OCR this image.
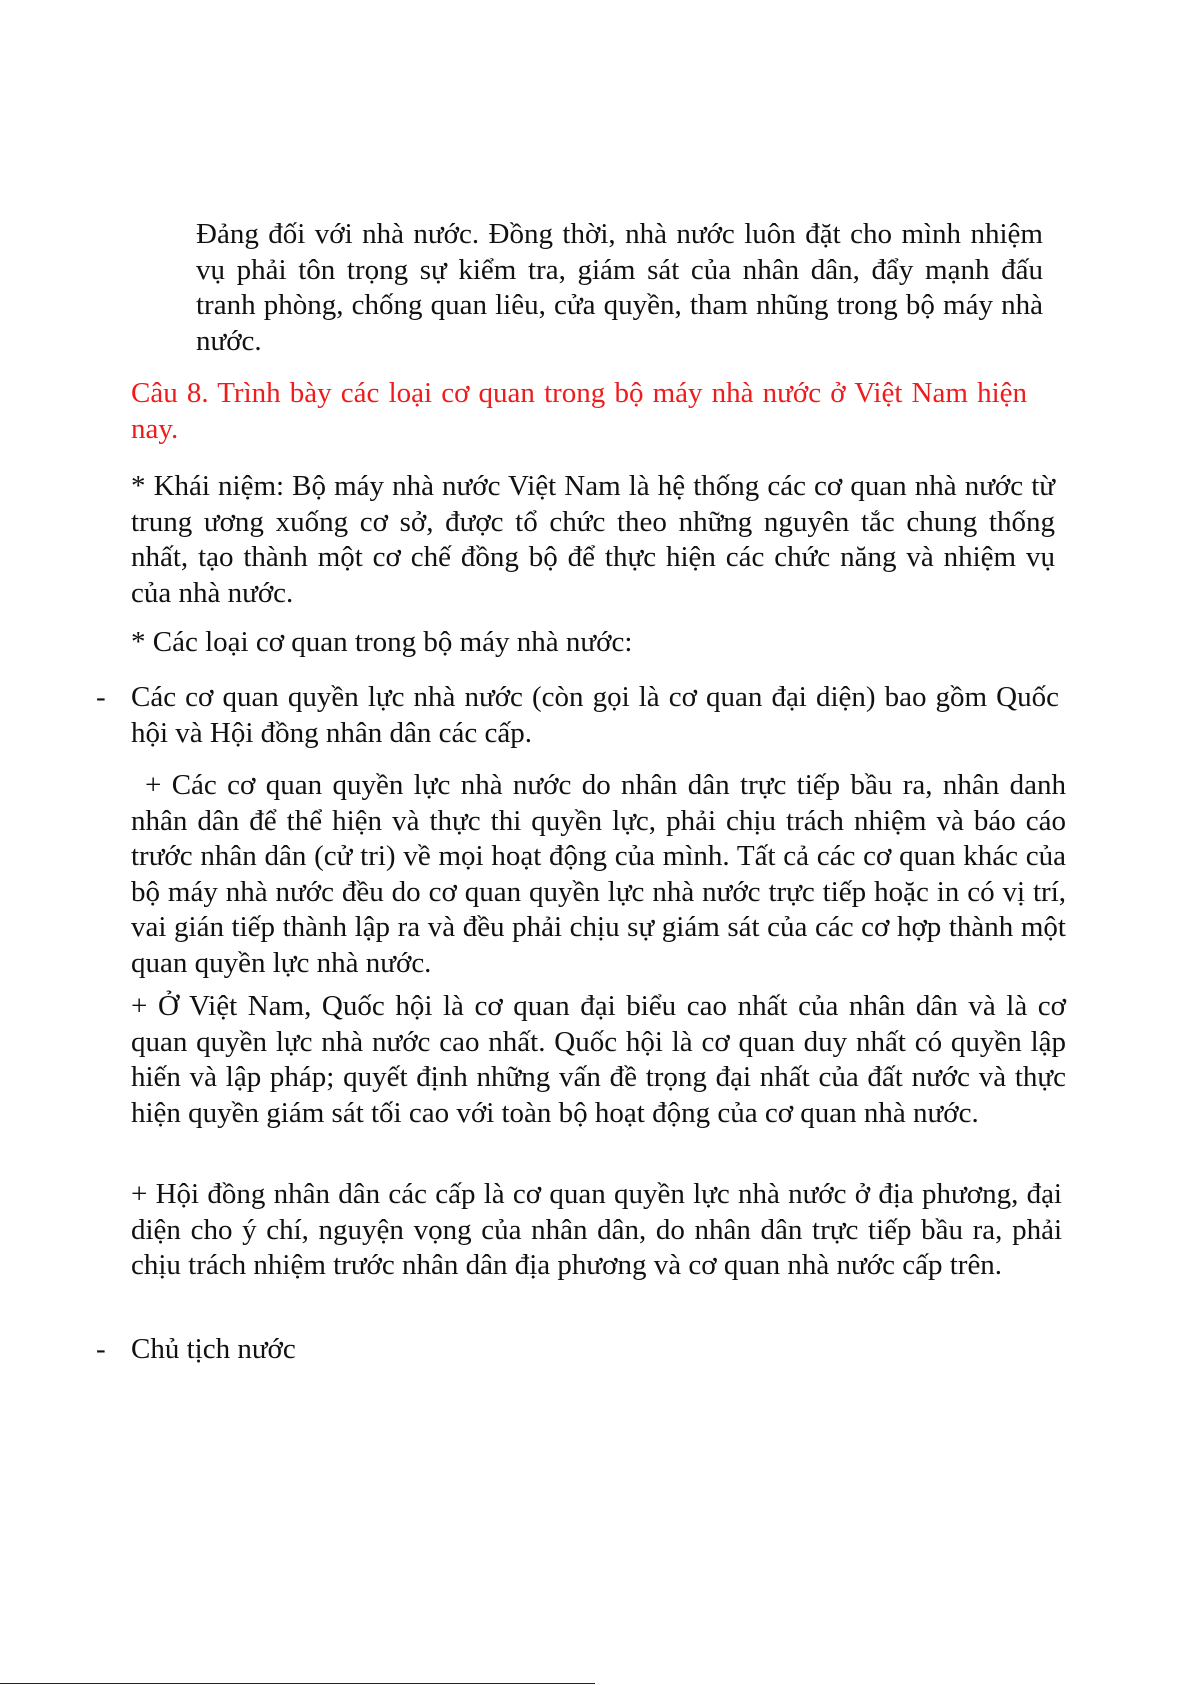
Đảng đối với nhà nước. Đồng thời, nhà nước luôn đặt cho mình nhiệm vụ phải tôn trọng sự kiểm tra, giám sát của nhân dân, đẩy mạnh đấu tranh phòng, chống quan liêu, cửa quyền, tham nhũng trong bộ máy nhà nước.

Câu 8. Trình bày các loại cơ quan trong bộ máy nhà nước ở Việt Nam hiện nay.

* Khái niệm: Bộ máy nhà nước Việt Nam là hệ thống các cơ quan nhà nước từ trung ương xuống cơ sở, được tổ chức theo những nguyên tắc chung thống nhất, tạo thành một cơ chế đồng bộ để thực hiện các chức năng và nhiệm vụ của nhà nước.

* Các loại cơ quan trong bộ máy nhà nước:

- Các cơ quan quyền lực nhà nước (còn gọi là cơ quan đại diện) bao gồm Quốc hội và Hội đồng nhân dân các cấp.

+ Các cơ quan quyền lực nhà nước do nhân dân trực tiếp bầu ra, nhân danh nhân dân để thể hiện và thực thi quyền lực, phải chịu trách nhiệm và báo cáo trước nhân dân (cử tri) về mọi hoạt động của mình. Tất cả các cơ quan khác của bộ máy nhà nước đều do cơ quan quyền lực nhà nước trực tiếp hoặc in có vị trí, vai gián tiếp thành lập ra và đều phải chịu sự giám sát của các cơ hợp thành một quan quyền lực nhà nước.

+ Ở Việt Nam, Quốc hội là cơ quan đại biểu cao nhất của nhân dân và là cơ quan quyền lực nhà nước cao nhất. Quốc hội là cơ quan duy nhất có quyền lập hiến và lập pháp; quyết định những vấn đề trọng đại nhất của đất nước và thực hiện quyền giám sát tối cao với toàn bộ hoạt động của cơ quan nhà nước.

+ Hội đồng nhân dân các cấp là cơ quan quyền lực nhà nước ở địa phương, đại diện cho ý chí, nguyện vọng của nhân dân, do nhân dân trực tiếp bầu ra, phải chịu trách nhiệm trước nhân dân địa phương và cơ quan nhà nước cấp trên.

- Chủ tịch nước
